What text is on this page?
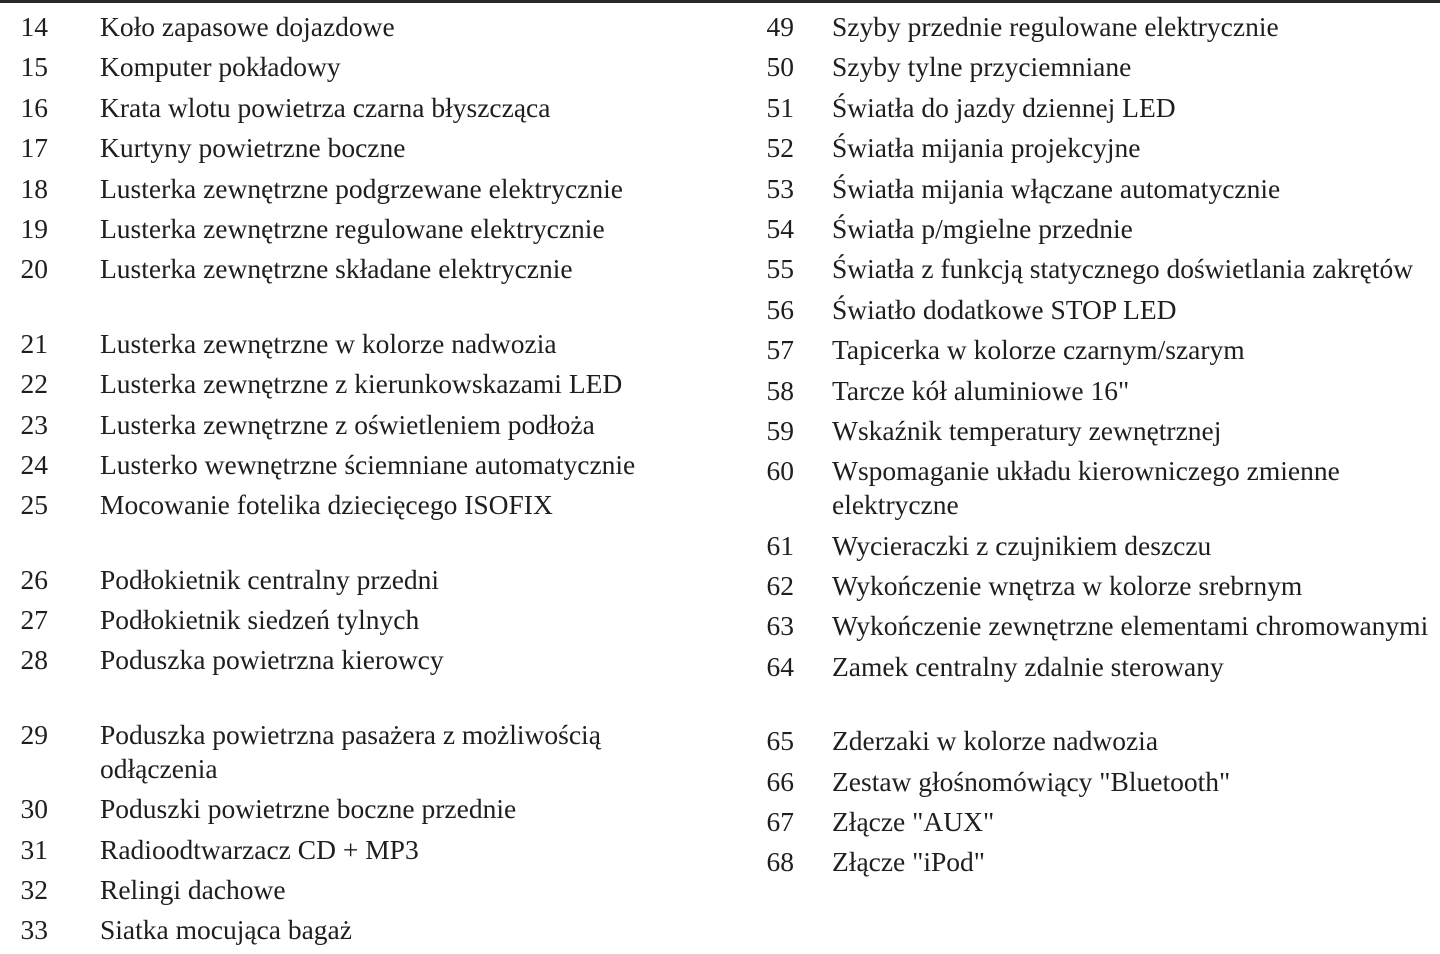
14 Koło zapasowe dojazdowe
15 Komputer pokładowy
16 Krata wlotu powietrza czarna błyszcząca
17 Kurtyny powietrzne boczne
18 Lusterka zewnętrzne podgrzewane elektrycznie
19 Lusterka zewnętrzne regulowane elektrycznie
20 Lusterka zewnętrzne składane elektrycznie
21 Lusterka zewnętrzne w kolorze nadwozia
22 Lusterka zewnętrzne z kierunkowskazami LED
23 Lusterka zewnętrzne z oświetleniem podłoża
24 Lusterko wewnętrzne ściemniane automatycznie
25 Mocowanie fotelika dziecięcego ISOFIX
26 Podłokietnik centralny przedni
27 Podłokietnik siedzeń tylnych
28 Poduszka powietrzna kierowcy
29 Poduszka powietrzna pasażera z możliwością odłączenia
30 Poduszki powietrzne boczne przednie
31 Radioodtwarzacz CD + MP3
32 Relingi dachowe
33 Siatka mocująca bagaż
49 Szyby przednie regulowane elektrycznie
50 Szyby tylne przyciemniane
51 Światła do jazdy dziennej LED
52 Światła mijania projekcyjne
53 Światła mijania włączane automatycznie
54 Światła p/mgielne przednie
55 Światła z funkcją statycznego doświetlania zakrętów
56 Światło dodatkowe STOP LED
57 Tapicerka w kolorze czarnym/szarym
58 Tarcze kół aluminiowe 16"
59 Wskaźnik temperatury zewnętrznej
60 Wspomaganie układu kierowniczego zmienne elektryczne
61 Wycieraczki z czujnikiem deszczu
62 Wykończenie wnętrza w kolorze srebrnym
63 Wykończenie zewnętrzne elementami chromowanymi
64 Zamek centralny zdalnie sterowany
65 Zderzaki w kolorze nadwozia
66 Zestaw głośnomówiący "Bluetooth"
67 Złącze "AUX"
68 Złącze "iPod"
